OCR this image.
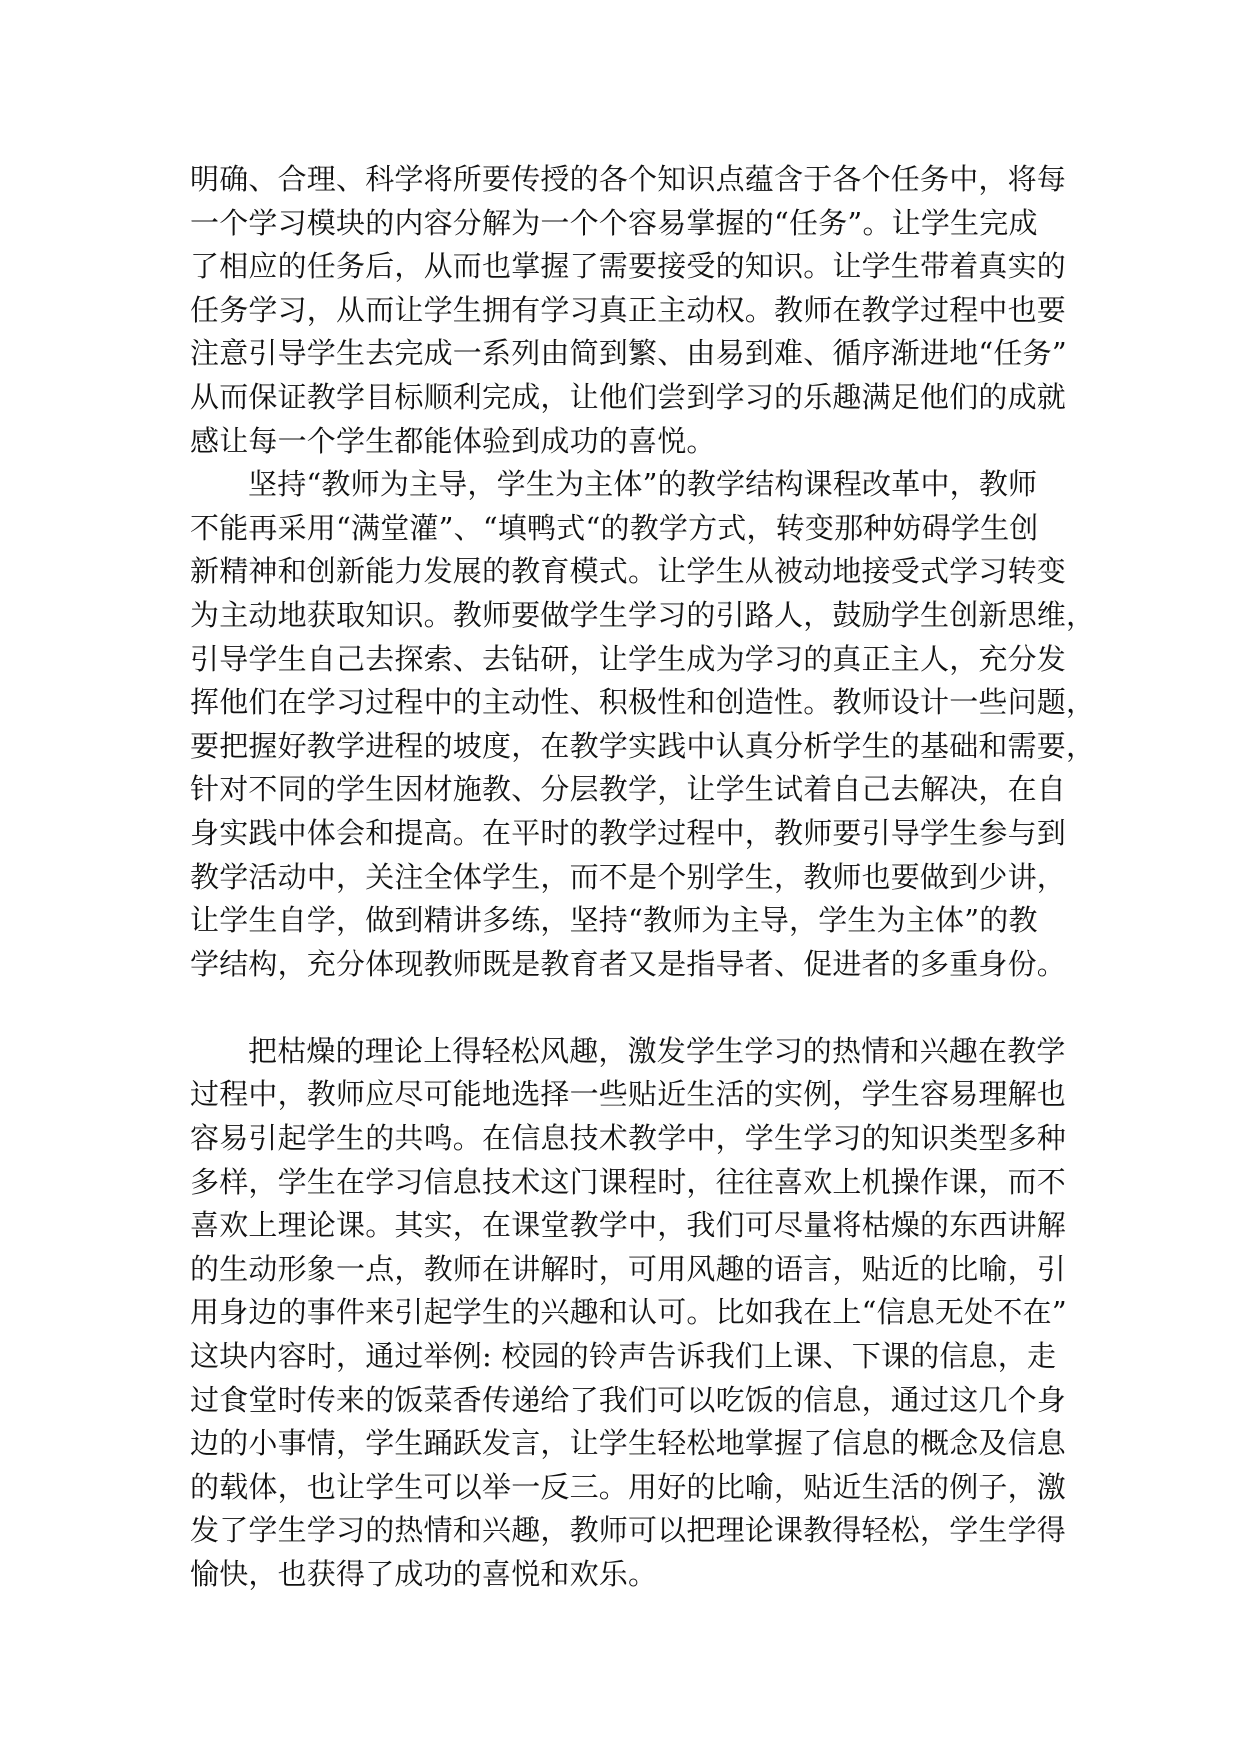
明确、合理、科学将所要传授的各个知识点蕴含于各个任务中，将每
一个学习模块的内容分解为一个个容易掌握的“任务”。让学生完成
了相应的任务后，从而也掌握了需要接受的知识。让学生带着真实的
任务学习，从而让学生拥有学习真正主动权。教师在教学过程中也要
注意引导学生去完成一系列由简到繁、由易到难、循序渐进地“任务”
从而保证教学目标顺利完成，让他们尝到学习的乐趣满足他们的成就
感让每一个学生都能体验到成功的喜悦。
坚持“教师为主导，学生为主体”的教学结构课程改革中，教师
不能再采用“满堂灌”、“填鸭式“的教学方式，转变那种妨碍学生创
新精神和创新能力发展的教育模式。让学生从被动地接受式学习转变
为主动地获取知识。教师要做学生学习的引路人，鼓励学生创新思维，
引导学生自己去探索、去钻研，让学生成为学习的真正主人，充分发
挥他们在学习过程中的主动性、积极性和创造性。教师设计一些问题，
要把握好教学进程的坡度，在教学实践中认真分析学生的基础和需要，
针对不同的学生因材施教、分层教学，让学生试着自己去解决，在自
身实践中体会和提高。在平时的教学过程中，教师要引导学生参与到
教学活动中，关注全体学生，而不是个别学生，教师也要做到少讲，
让学生自学，做到精讲多练，坚持“教师为主导，学生为主体”的教
学结构，充分体现教师既是教育者又是指导者、促进者的多重身份。
把枯燥的理论上得轻松风趣，激发学生学习的热情和兴趣在教学
过程中，教师应尽可能地选择一些贴近生活的实例，学生容易理解也
容易引起学生的共鸣。在信息技术教学中，学生学习的知识类型多种
多样，学生在学习信息技术这门课程时，往往喜欢上机操作课，而不
喜欢上理论课。其实，在课堂教学中，我们可尽量将枯燥的东西讲解
的生动形象一点，教师在讲解时，可用风趣的语言，贴近的比喻，引
用身边的事件来引起学生的兴趣和认可。比如我在上“信息无处不在”
这块内容时，通过举例: 校园的铃声告诉我们上课、下课的信息，走
过食堂时传来的饭菜香传递给了我们可以吃饭的信息，通过这几个身
边的小事情，学生踊跃发言，让学生轻松地掌握了信息的概念及信息
的载体，也让学生可以举一反三。用好的比喻，贴近生活的例子，激
发了学生学习的热情和兴趣，教师可以把理论课教得轻松，学生学得
愉快，也获得了成功的喜悦和欢乐。
